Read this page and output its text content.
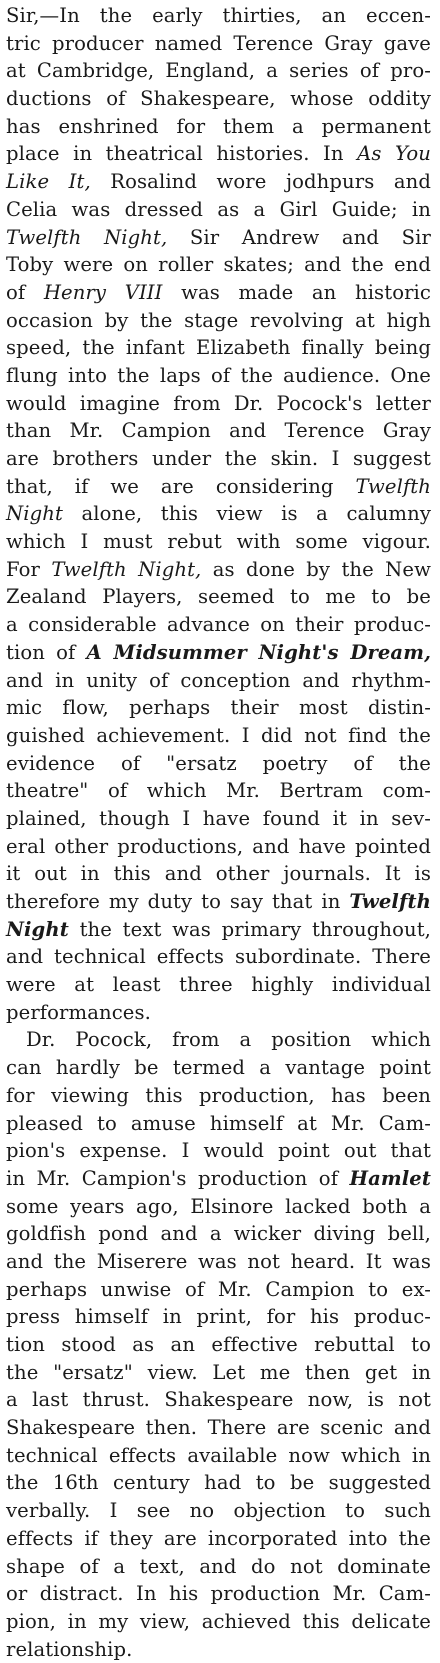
Sir,—In the early thirties, an eccen-
tric producer named Terence Gray gave
at Cambridge, England, a series of pro-
ductions of Shakespeare, whose oddity
has enshrined for them a permanent
place in theatrical histories. In As You
Like It, Rosalind wore jodhpurs and
Celia was dressed as a Girl Guide; in
Twelfth Night, Sir Andrew and Sir
Toby were on roller skates; and the end
of Henry VIII was made an historic
occasion by the stage revolving at high
speed, the infant Elizabeth finally being
flung into the laps of the audience. One
would imagine from Dr. Pocock's letter
than Mr. Campion and Terence Gray
are brothers under the skin. I suggest
that, if we are considering Twelfth
Night alone, this view is a calumny
which I must rebut with some vigour.
For Twelfth Night, as done by the New
Zealand Players, seemed to me to be
a considerable advance on their produc-
tion of A Midsummer Night's Dream,
and in unity of conception and rhythm-
mic flow, perhaps their most distin-
guished achievement. I did not find the
evidence of "ersatz poetry of the
theatre" of which Mr. Bertram com-
plained, though I have found it in sev-
eral other productions, and have pointed
it out in this and other journals. It is
therefore my duty to say that in Twelfth
Night the text was primary throughout,
and technical effects subordinate. There
were at least three highly individual
performances.
Dr. Pocock, from a position which
can hardly be termed a vantage point
for viewing this production, has been
pleased to amuse himself at Mr. Cam-
pion's expense. I would point out that
in Mr. Campion's production of Hamlet
some years ago, Elsinore lacked both a
goldfish pond and a wicker diving bell,
and the Miserere was not heard. It was
perhaps unwise of Mr. Campion to ex-
press himself in print, for his produc-
tion stood as an effective rebuttal to
the "ersatz" view. Let me then get in
a last thrust. Shakespeare now, is not
Shakespeare then. There are scenic and
technical effects available now which in
the 16th century had to be suggested
verbally. I see no objection to such
effects if they are incorporated into the
shape of a text, and do not dominate
or distract. In his production Mr. Cam-
pion, in my view, achieved this delicate
relationship.
